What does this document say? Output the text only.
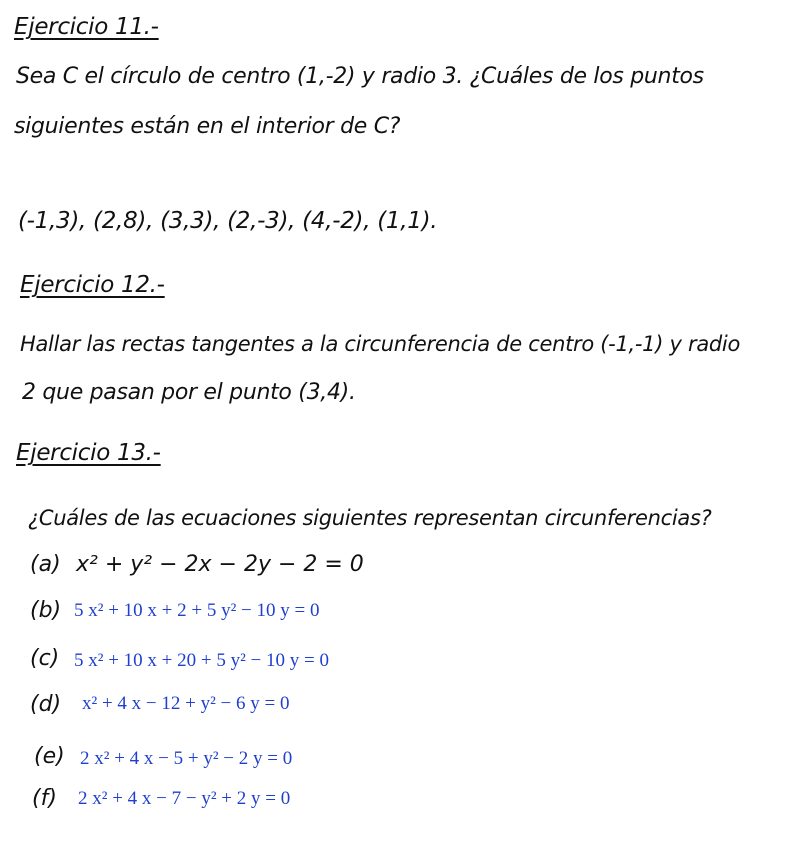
Ejercicio 11.-
Sea C el círculo de centro (1,-2) y radio 3. ¿Cuáles de los puntos
siguientes están en el interior de C?
(-1,3), (2,8), (3,3), (2,-3), (4,-2), (1,1).
Ejercicio 12.-
Hallar las rectas tangentes a la circunferencia de centro (-1,-1) y radio
2 que pasan por el punto (3,4).
Ejercicio 13.-
¿Cuáles de las ecuaciones siguientes representan circunferencias?
(a) x² + y² − 2x − 2y − 2 = 0
(b) 5 x² + 10 x + 2 + 5 y² − 10 y = 0
(c) 5 x² + 10 x + 20 + 5 y² − 10 y = 0
(d) x² + 4 x − 12 + y² − 6 y = 0
(e) 2 x² + 4 x − 5 + y² − 2 y = 0
(f) 2 x² + 4 x − 7 − y² + 2 y = 0
